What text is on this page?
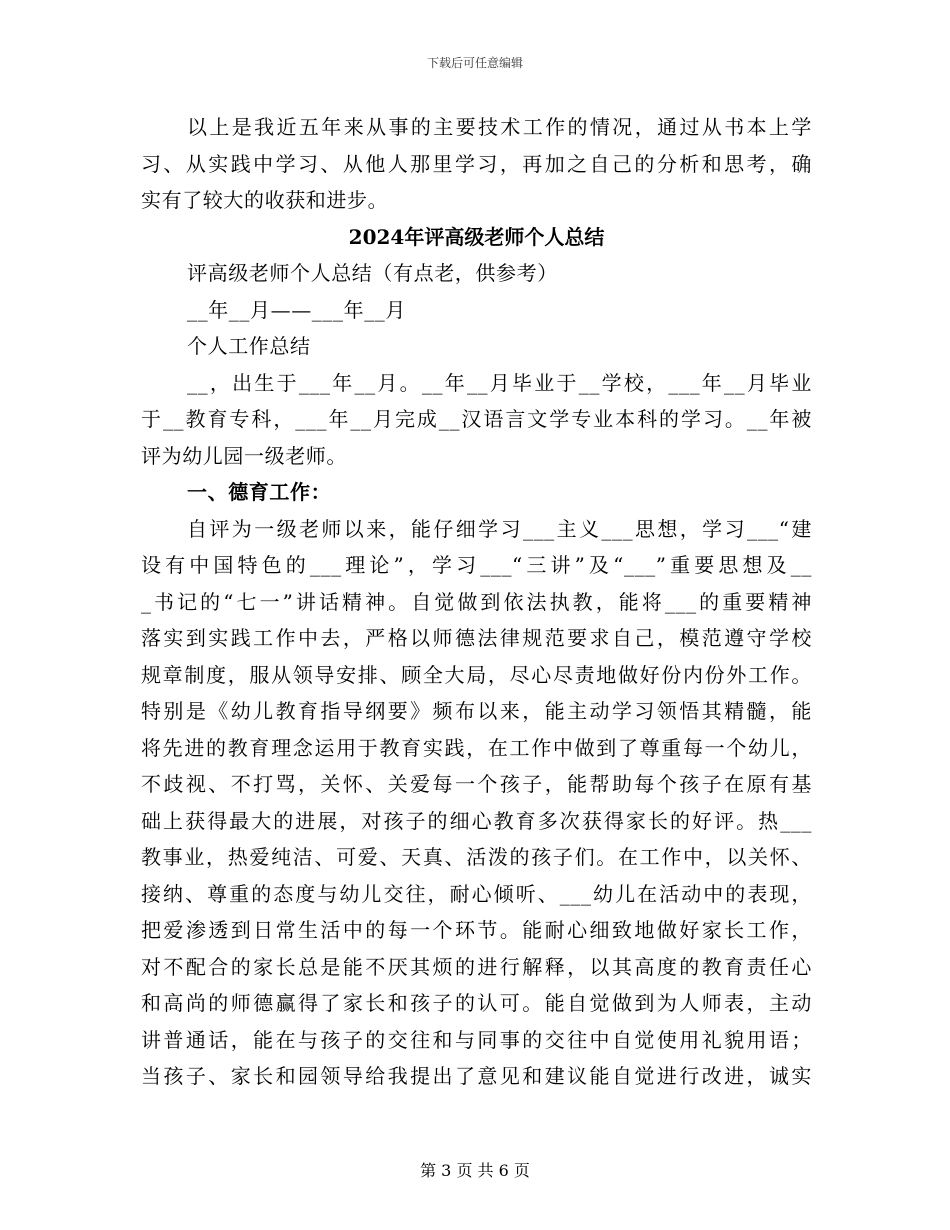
下载后可任意编辑
以上是我近五年来从事的主要技术工作的情况，通过从书本上学
习、从实践中学习、从他人那里学习，再加之自己的分析和思考，确
实有了较大的收获和进步。
2024年评高级老师个人总结
评高级老师个人总结（有点老，供参考）
__年__月——___年__月
个人工作总结
__，出生于___年__月。__年__月毕业于__学校，___年__月毕业
于__教育专科，___年__月完成__汉语言文学专业本科的学习。__年被
评为幼儿园一级老师。
一、德育工作：
自评为一级老师以来，能仔细学习___主义___思想，学习___“建
设有中国特色的___理论”，学习___“三讲”及“___”重要思想及__
_书记的“七一”讲话精神。自觉做到依法执教，能将___的重要精神
落实到实践工作中去，严格以师德法律规范要求自己，模范遵守学校
规章制度，服从领导安排、顾全大局，尽心尽责地做好份内份外工作。
特别是《幼儿教育指导纲要》频布以来，能主动学习领悟其精髓，能
将先进的教育理念运用于教育实践，在工作中做到了尊重每一个幼儿，
不歧视、不打骂，关怀、关爱每一个孩子，能帮助每个孩子在原有基
础上获得最大的进展，对孩子的细心教育多次获得家长的好评。热___
教事业，热爱纯洁、可爱、天真、活泼的孩子们。在工作中，以关怀、
接纳、尊重的态度与幼儿交往，耐心倾听、___幼儿在活动中的表现，
把爱渗透到日常生活中的每一个环节。能耐心细致地做好家长工作，
对不配合的家长总是能不厌其烦的进行解释，以其高度的教育责任心
和高尚的师德赢得了家长和孩子的认可。能自觉做到为人师表，主动
讲普通话，能在与孩子的交往和与同事的交往中自觉使用礼貌用语；
当孩子、家长和园领导给我提出了意见和建议能自觉进行改进，诚实
第 3 页 共 6 页
